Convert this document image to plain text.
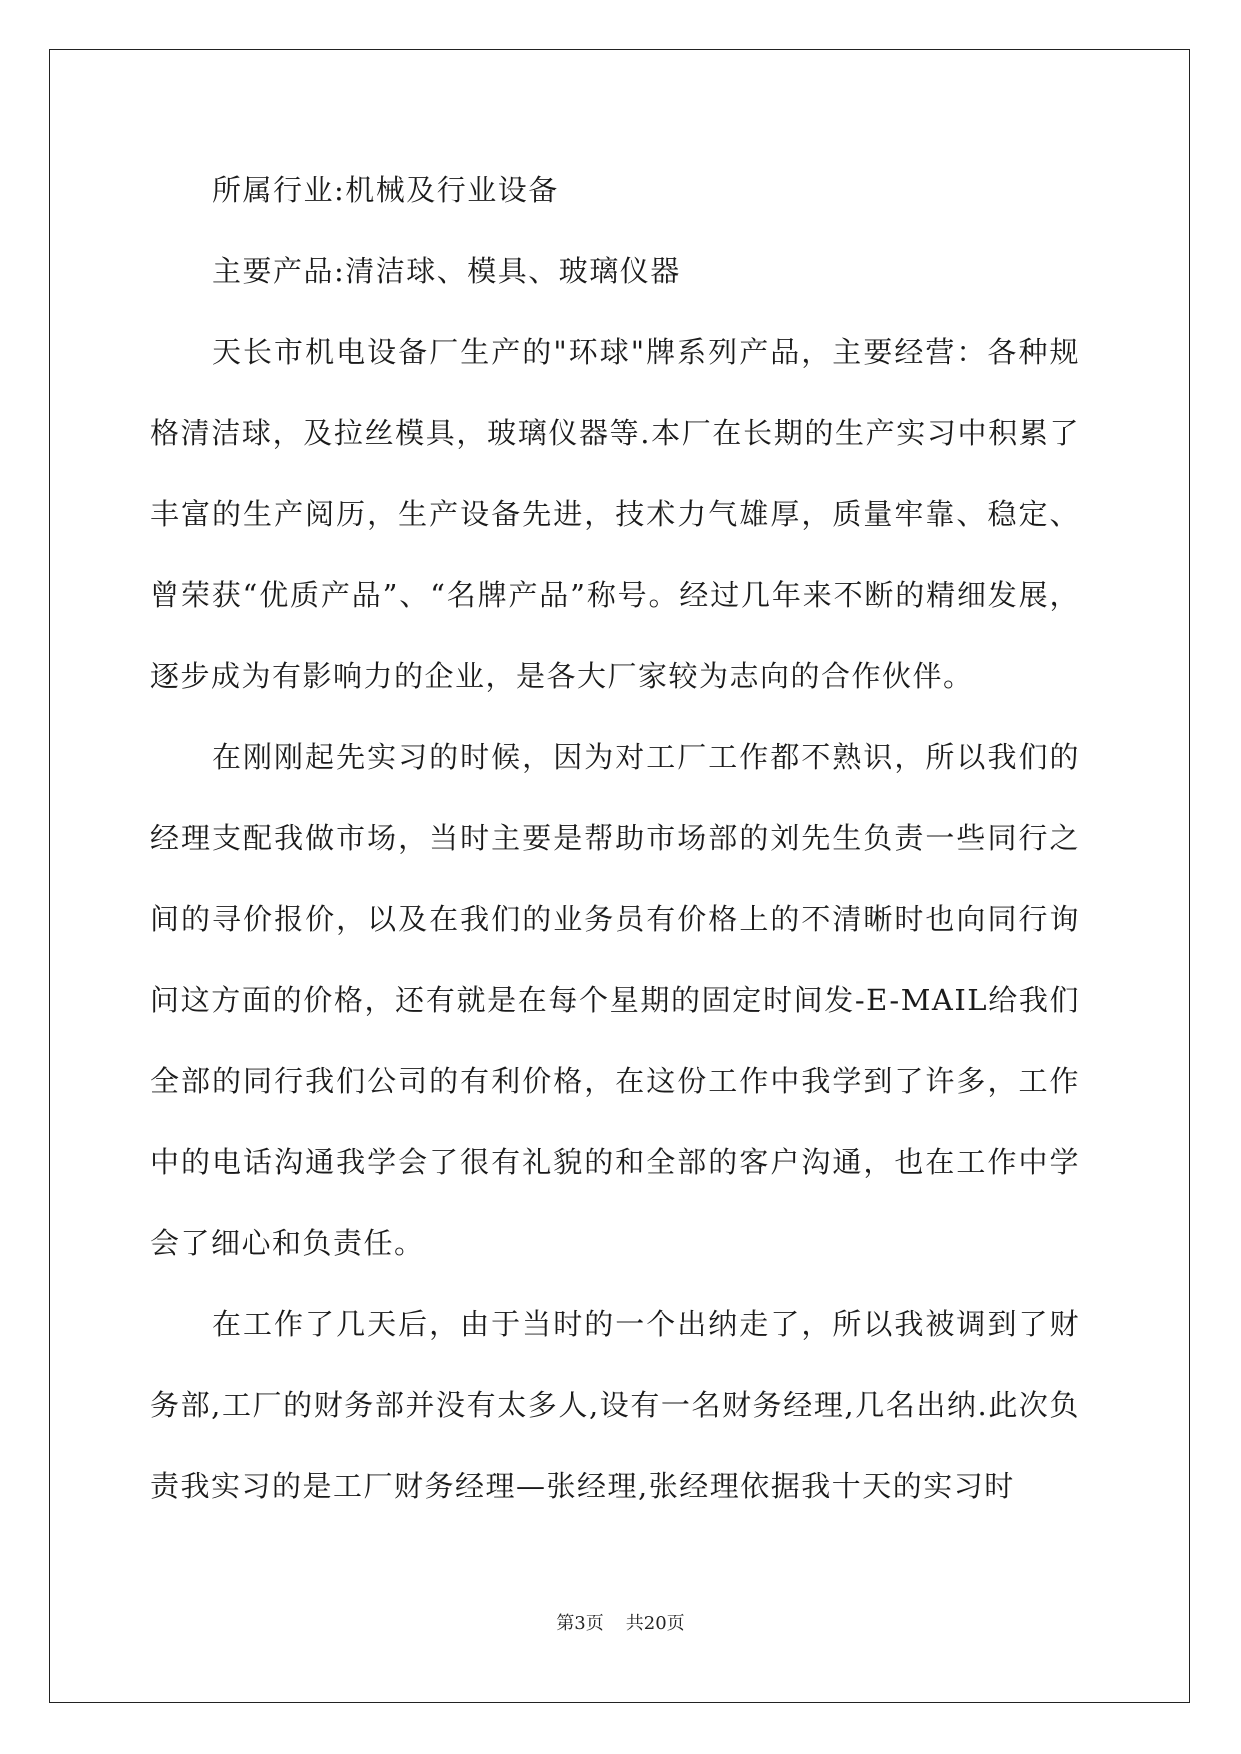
所属行业:机械及行业设备

主要产品:清洁球、模具、玻璃仪器

天长市机电设备厂生产的"环球"牌系列产品，主要经营：各种规格清洁球，及拉丝模具，玻璃仪器等.本厂在长期的生产实习中积累了丰富的生产阅历，生产设备先进，技术力气雄厚，质量牢靠、稳定、曾荣获“优质产品”、“名牌产品”称号。经过几年来不断的精细发展，逐步成为有影响力的企业，是各大厂家较为志向的合作伙伴。

在刚刚起先实习的时候，因为对工厂工作都不熟识，所以我们的经理支配我做市场，当时主要是帮助市场部的刘先生负责一些同行之间的寻价报价，以及在我们的业务员有价格上的不清晰时也向同行询问这方面的价格，还有就是在每个星期的固定时间发-E-MAIL给我们全部的同行我们公司的有利价格，在这份工作中我学到了许多，工作中的电话沟通我学会了很有礼貌的和全部的客户沟通，也在工作中学会了细心和负责任。

在工作了几天后，由于当时的一个出纳走了，所以我被调到了财务部,工厂的财务部并没有太多人,设有一名财务经理,几名出纳.此次负责我实习的是工厂财务经理—张经理,张经理依据我十天的实习时

第3页 共20页
